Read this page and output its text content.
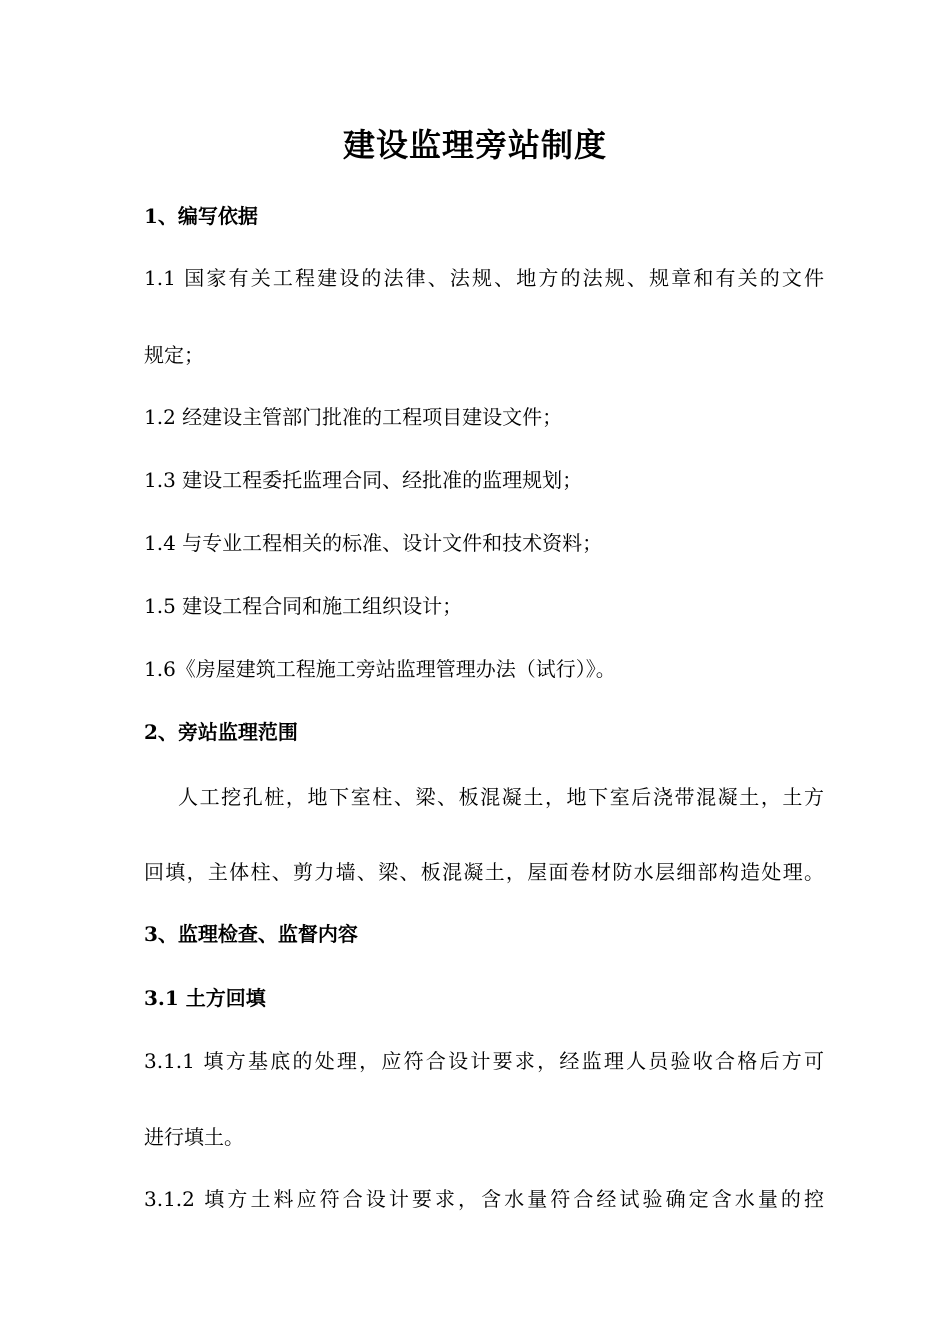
建设监理旁站制度
1、编写依据
1.1 国家有关工程建设的法律、法规、地方的法规、规章和有关的文件
规定；
1.2 经建设主管部门批准的工程项目建设文件；
1.3 建设工程委托监理合同、经批准的监理规划；
1.4 与专业工程相关的标准、设计文件和技术资料；
1.5 建设工程合同和施工组织设计；
1.6《房屋建筑工程施工旁站监理管理办法（试行）》。
2、旁站监理范围
人工挖孔桩，地下室柱、梁、板混凝土，地下室后浇带混凝土，土方
回填，主体柱、剪力墙、梁、板混凝土，屋面卷材防水层细部构造处理。
3、监理检查、监督内容
3.1 土方回填
3.1.1 填方基底的处理，应符合设计要求，经监理人员验收合格后方可
进行填土。
3.1.2 填方土料应符合设计要求，含水量符合经试验确定含水量的控
